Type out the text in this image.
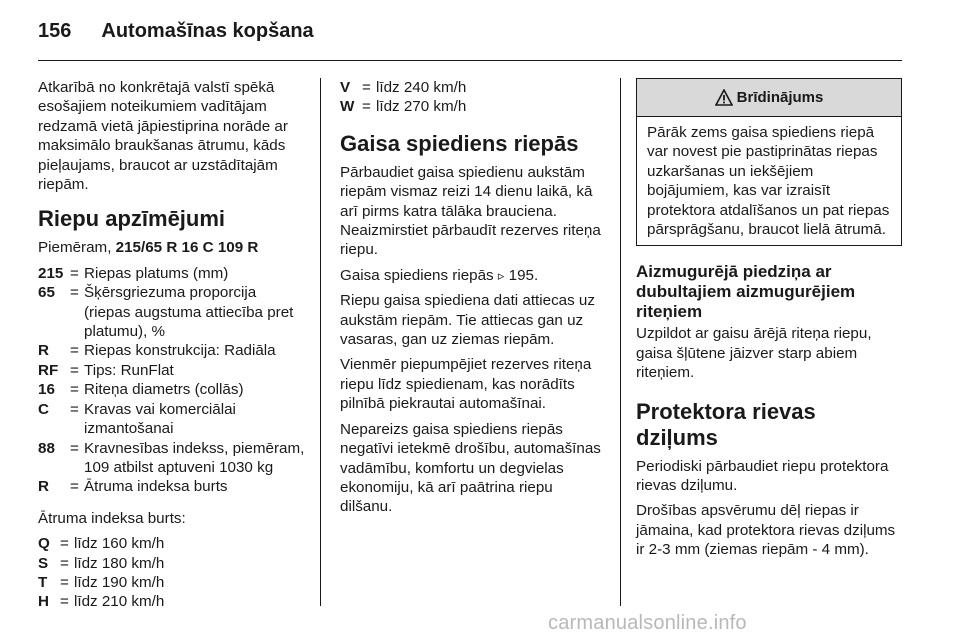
156 Automašīnas kopšana

Atkarībā no konkrētajā valstī spēkā esošajiem noteikumiem vadītājam redzamā vietā jāpiestiprina norāde ar maksimālo braukšanas ātrumu, kāds pieļaujams, braucot ar uzstādītajām riepām.

Riepu apzīmējumi

Piemēram, 215/65 R 16 C 109 R

215 = Riepas platums (mm)
65 = Šķērsgriezuma proporcija (riepas augstuma attiecība pret platumu), %
R	= Riepas konstrukcija: Radiāla
RF = Tips: RunFlat
16 = Riteņa diametrs (collās)
C	= Kravas vai komerciālai izmantošanai
88 = Kravnesības indekss, piemēram, 109 atbilst aptuveni 1030 kg
R	= Ātruma indeksa burts

Ātruma indeksa burts:

Q = līdz 160 km/h
S = līdz 180 km/h
T = līdz 190 km/h
H = līdz 210 km/h
V = līdz 240 km/h
W = līdz 270 km/h
Gaisa spiediens riepās

Pārbaudiet gaisa spiedienu aukstām riepām vismaz reizi 14 dienu laikā, kā arī pirms katra tālāka brauciena. Neaizmirstiet pārbaudīt rezerves riteņa riepu.

Gaisa spiediens riepās ▹ 195.

Riepu gaisa spiediena dati attiecas uz aukstām riepām. Tie attiecas gan uz vasaras, gan uz ziemas riepām.

Vienmēr piepumpējiet rezerves riteņa riepu līdz spiedienam, kas norādīts pilnībā piekrautai automašīnai.

Nepareizs gaisa spiediens riepās negatīvi ietekmē drošību, automašīnas vadāmību, komfortu un degvielas ekonomiju, kā arī paātrina riepu dilšanu.

Brīdinājums
Pārāk zems gaisa spiediens riepā var novest pie pastiprinātas riepas uzkaršanas un iekšējiem bojājumiem, kas var izraisīt protektora atdalīšanos un pat riepas pārsprāgšanu, braucot lielā ātrumā.
Aizmugurējā piedziņa ar dubultajiem aizmugurējiem riteņiem

Uzpildot ar gaisu ārējā riteņa riepu, gaisa šļūtene jāizver starp abiem riteņiem.

Protektora rievas dziļums

Periodiski pārbaudiet riepu protektora rievas dziļumu.

Drošības apsvērumu dēļ riepas ir jāmaina, kad protektora rievas dziļums ir 2-3 mm (ziemas riepām - 4 mm).

carmanualsonline.info
